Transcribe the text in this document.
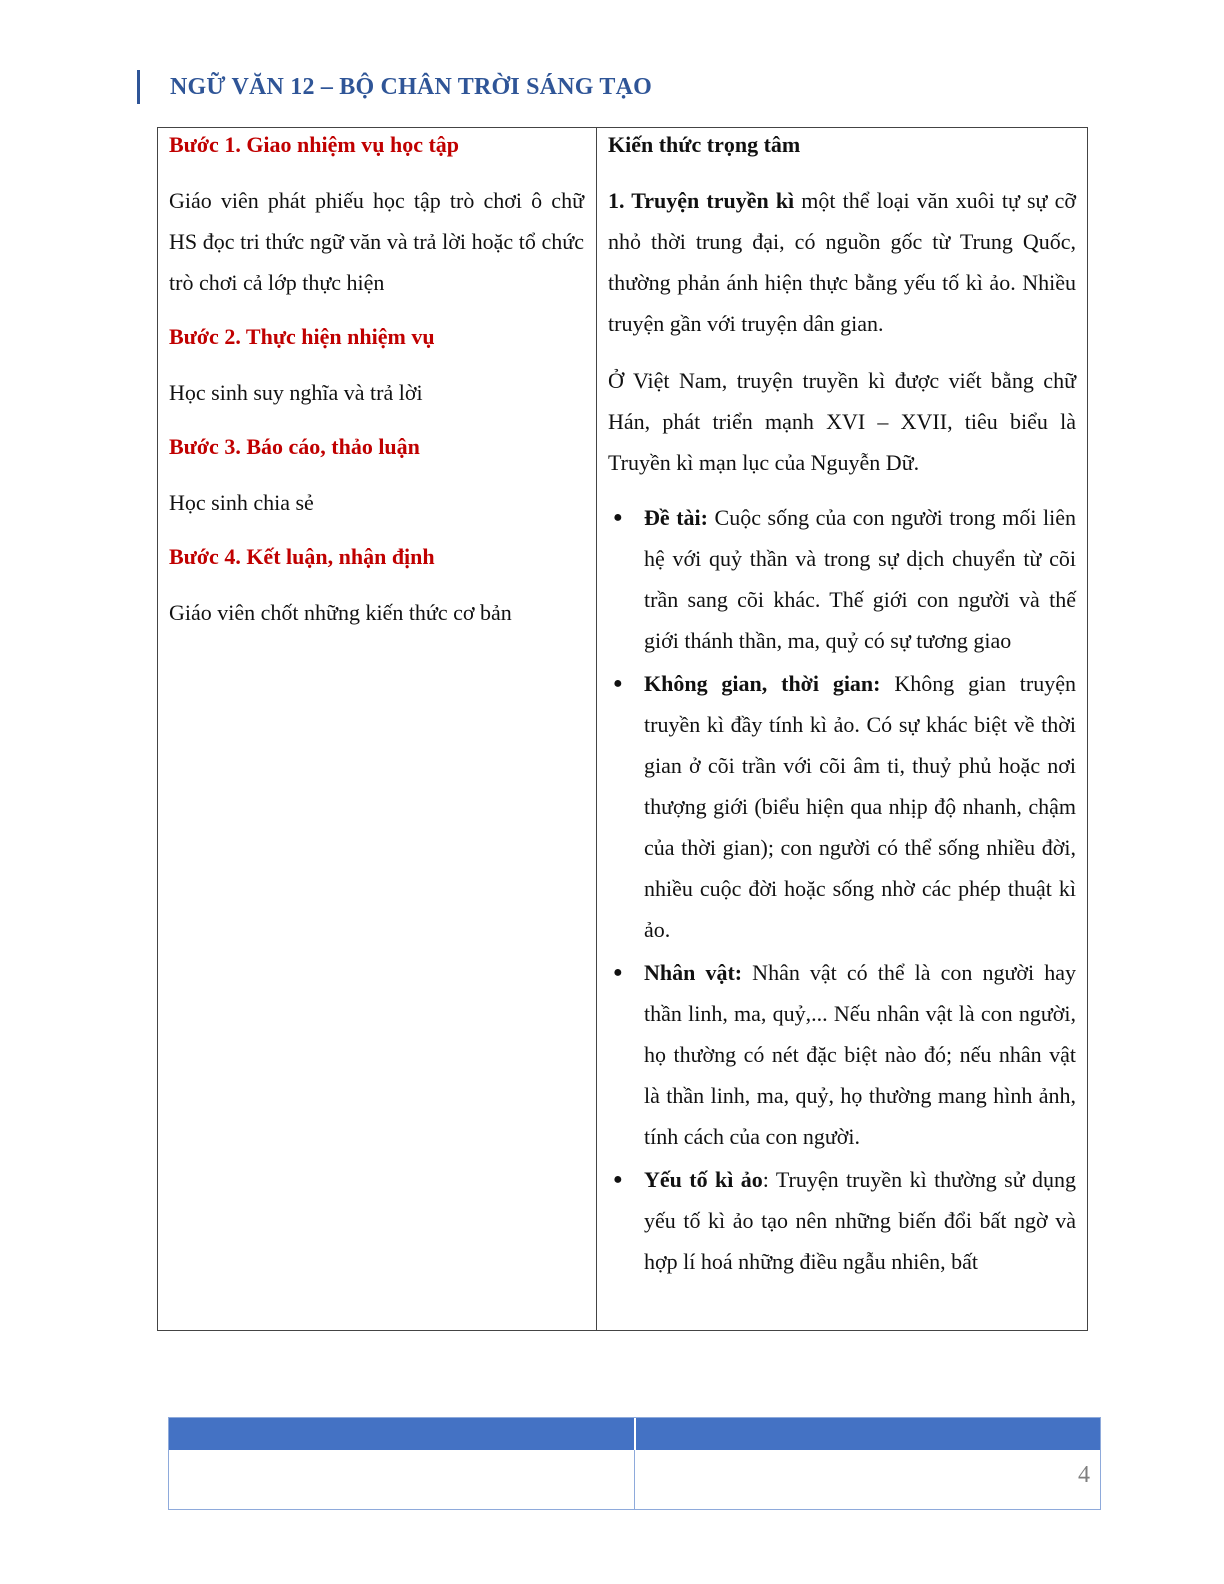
NGỮ VĂN 12 – BỘ CHÂN TRỜI SÁNG TẠO

Bước 1. Giao nhiệm vụ học tập

Giáo viên phát phiếu học tập trò chơi ô chữ HS đọc tri thức ngữ văn và trả lời hoặc tổ chức trò chơi cả lớp thực hiện

Bước 2. Thực hiện nhiệm vụ

Học sinh suy nghĩa và trả lời

Bước 3. Báo cáo, thảo luận

Học sinh chia sẻ

Bước 4. Kết luận, nhận định

Giáo viên chốt những kiến thức cơ bản

Kiến thức trọng tâm

1. Truyện truyền kì một thể loại văn xuôi tự sự cỡ nhỏ thời trung đại, có nguồn gốc từ Trung Quốc, thường phản ánh hiện thực bằng yếu tố kì ảo. Nhiều truyện gần với truyện dân gian.

Ở Việt Nam, truyện truyền kì được viết bằng chữ Hán, phát triển mạnh XVI – XVII, tiêu biểu là Truyền kì mạn lục của Nguyễn Dữ.

● Đề tài: Cuộc sống của con người trong mối liên hệ với quỷ thần và trong sự dịch chuyển từ cõi trần sang cõi khác. Thế giới con người và thế giới thánh thần, ma, quỷ có sự tương giao
● Không gian, thời gian: Không gian truyện truyền kì đầy tính kì ảo. Có sự khác biệt về thời gian ở cõi trần với cõi âm ti, thuỷ phủ hoặc nơi thượng giới (biểu hiện qua nhịp độ nhanh, chậm của thời gian); con người có thể sống nhiều đời, nhiều cuộc đời hoặc sống nhờ các phép thuật kì ảo.
● Nhân vật: Nhân vật có thể là con người hay thần linh, ma, quỷ,... Nếu nhân vật là con người, họ thường có nét đặc biệt nào đó; nếu nhân vật là thần linh, ma, quỷ, họ thường mang hình ảnh, tính cách của con người.
● Yếu tố kì ảo: Truyện truyền kì thường sử dụng yếu tố kì ảo tạo nên những biến đổi bất ngờ và hợp lí hoá những điều ngẫu nhiên, bất
4
